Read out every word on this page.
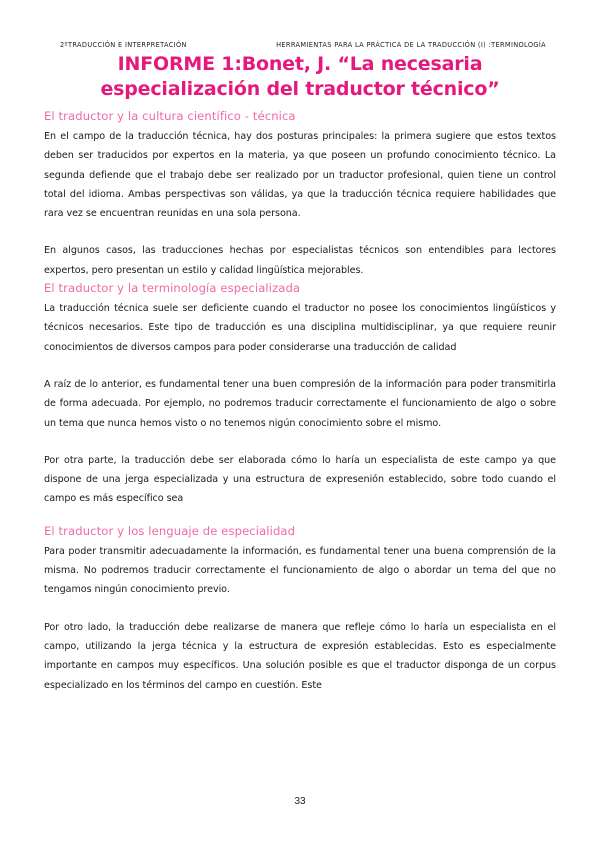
2ºTRADUCCIÓN E INTERPRETACIÓN	HERRAMIENTAS PARA LA PRÁCTICA DE LA TRADUCCIÓN (I) :TERMINOLOGÍA
INFORME 1:Bonet, J. “La necesaria especialización del traductor técnico”
El traductor y la cultura científico - técnica

En el campo de la traducción técnica, hay dos posturas principales: la primera sugiere que estos textos deben ser traducidos por expertos en la materia, ya que poseen un profundo conocimiento técnico. La segunda defiende que el trabajo debe ser realizado por un traductor profesional, quien tiene un control total del idioma. Ambas perspectivas son válidas, ya que la traducción técnica requiere habilidades que rara vez se encuentran reunidas en una sola persona.

En algunos casos, las traducciones hechas por especialistas técnicos son entendibles para lectores expertos, pero presentan un estilo y calidad lingüística mejorables.

El traductor y la terminología especializada

La traducción técnica suele ser deficiente cuando el traductor no posee los conocimientos lingüísticos y técnicos necesarios. Este tipo de traducción es una disciplina multidisciplinar, ya que requiere reunir conocimientos de diversos campos para poder considerarse una traducción de calidad

A raíz de lo anterior, es fundamental tener una buen compresión de la información para poder transmitirla de forma adecuada. Por ejemplo, no podremos traducir correctamente el funcionamiento de algo o sobre un tema que nunca hemos visto o no tenemos nigún conocimiento sobre el mismo.

Por otra parte, la traducción debe ser elaborada cómo lo haría un especialista de este campo ya que dispone de una jerga especializada y una estructura de expresenión establecido, sobre todo cuando el campo es más específico sea

El traductor y los lenguaje de especialidad

Para poder transmitir adecuadamente la información, es fundamental tener una buena comprensión de la misma. No podremos traducir correctamente el funcionamiento de algo o abordar un tema del que no tengamos ningún conocimiento previo.

Por otro lado, la traducción debe realizarse de manera que refleje cómo lo haría un especialista en el campo, utilizando la jerga técnica y la estructura de expresión establecidas. Esto es especialmente importante en campos muy específicos. Una solución posible es que el traductor disponga de un corpus especializado en los términos del campo en cuestión. Este

33
